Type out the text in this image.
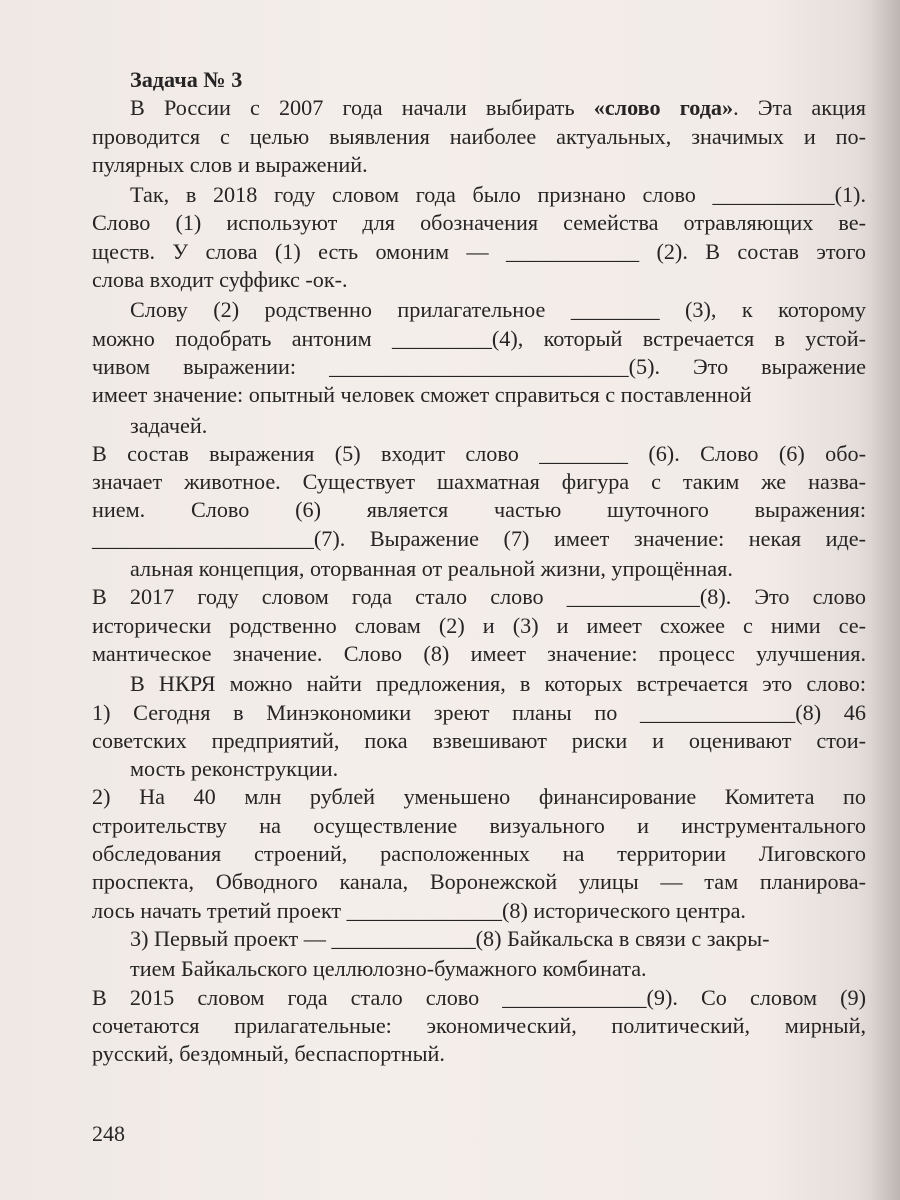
Задача № 3
В России с 2007 года начали выбирать «слово года». Эта акция
проводится с целью выявления наиболее актуальных, значимых и по-
пулярных слов и выражений.
Так, в 2018 году словом года было признано слово ___________(1).
Слово (1) используют для обозначения семейства отравляющих ве-
ществ. У слова (1) есть омоним — ____________ (2). В состав этого
слова входит суффикс -ок-.
Слову (2) родственно прилагательное ________ (3), к которому
можно подобрать антоним _________(4), который встречается в устой-
чивом выражении: ___________________________(5). Это выражение
имеет значение: опытный человек сможет справиться с поставленной
задачей.
В состав выражения (5) входит слово ________ (6). Слово (6) обо-
значает животное. Существует шахматная фигура с таким же назва-
нием. Слово (6) является частью шуточного выражения:
____________________(7). Выражение (7) имеет значение: некая иде-
альная концепция, оторванная от реальной жизни, упрощённая.
В 2017 году словом года стало слово ____________(8). Это слово
исторически родственно словам (2) и (3) и имеет схожее с ними се-
мантическое значение. Слово (8) имеет значение: процесс улучшения.
В НКРЯ можно найти предложения, в которых встречается это слово:
1) Сегодня в Минэкономики зреют планы по ______________(8) 46
советских предприятий, пока взвешивают риски и оценивают стои-
мость реконструкции.
2) На 40 млн рублей уменьшено финансирование Комитета по
строительству на осуществление визуального и инструментального
обследования строений, расположенных на территории Лиговского
проспекта, Обводного канала, Воронежской улицы — там планирова-
лось начать третий проект ______________(8) исторического центра.
3) Первый проект — _____________(8) Байкальска в связи с закры-
тием Байкальского целлюлозно-бумажного комбината.
В 2015 словом года стало слово _____________(9). Со словом (9)
сочетаются прилагательные: экономический, политический, мирный,
русский, бездомный, беспаспортный.
248
